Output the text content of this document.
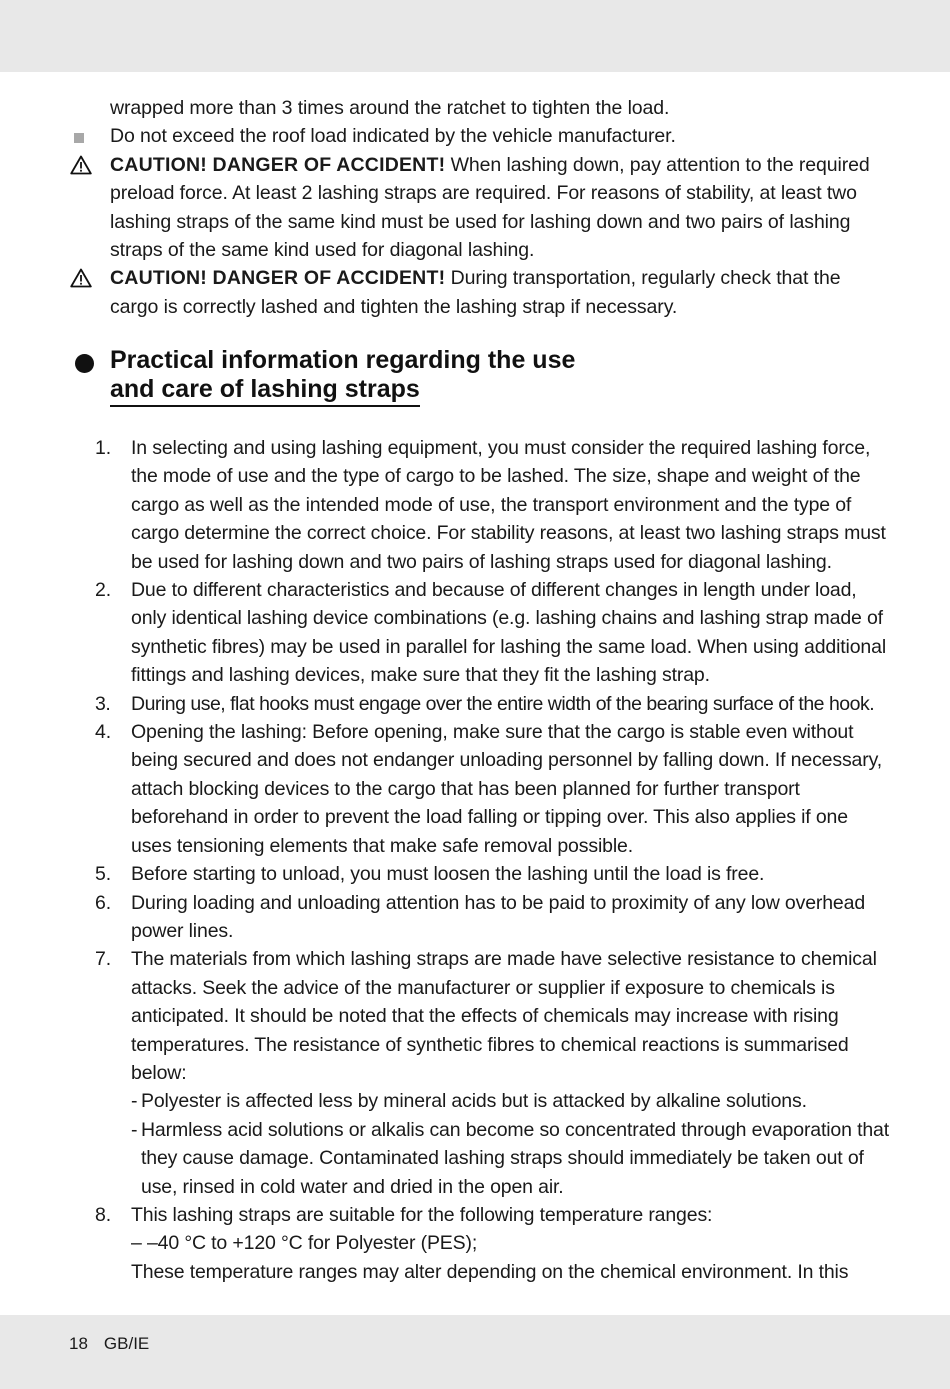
wrapped more than 3 times around the ratchet to tighten the load.
Do not exceed the roof load indicated by the vehicle manufacturer.
CAUTION! DANGER OF ACCIDENT! When lashing down, pay attention to the required preload force. At least 2 lashing straps are required. For reasons of stability, at least two lashing straps of the same kind must be used for lashing down and two pairs of lashing straps of the same kind used for diagonal lashing.
CAUTION! DANGER OF ACCIDENT! During transportation, regularly check that the cargo is correctly lashed and tighten the lashing strap if necessary.
Practical information regarding the use
and care of lashing straps
1. In selecting and using lashing equipment, you must consider the required lashing force, the mode of use and the type of cargo to be lashed. The size, shape and weight of the cargo as well as the intended mode of use, the transport environment and the type of cargo determine the correct choice. For stability reasons, at least two lashing straps must be used for lashing down and two pairs of lashing straps used for diagonal lashing.
2. Due to different characteristics and because of different changes in length under load, only identical lashing device combinations (e.g. lashing chains and lashing strap made of synthetic fibres) may be used in parallel for lashing the same load. When using additional fittings and lashing devices, make sure that they fit the lashing strap.
3. During use, flat hooks must engage over the entire width of the bearing surface of the hook.
4. Opening the lashing: Before opening, make sure that the cargo is stable even without being secured and does not endanger unloading personnel by falling down. If necessary, attach blocking devices to the cargo that has been planned for further transport beforehand in order to prevent the load falling or tipping over. This also applies if one uses tensioning elements that make safe removal possible.
5. Before starting to unload, you must loosen the lashing until the load is free.
6. During loading and unloading attention has to be paid to proximity of any low overhead power lines.
7. The materials from which lashing straps are made have selective resistance to chemical attacks. Seek the advice of the manufacturer or supplier if exposure to chemicals is anticipated. It should be noted that the effects of chemicals may increase with rising temperatures. The resistance of synthetic fibres to chemical reactions is summarised below:
- Polyester is affected less by mineral acids but is attacked by alkaline solutions.
- Harmless acid solutions or alkalis can become so concentrated through evaporation that they cause damage. Contaminated lashing straps should immediately be taken out of use, rinsed in cold water and dried in the open air.
8. This lashing straps are suitable for the following temperature ranges:
– –40 °C to +120 °C for Polyester (PES);
These temperature ranges may alter depending on the chemical environment. In this
18 GB/IE
